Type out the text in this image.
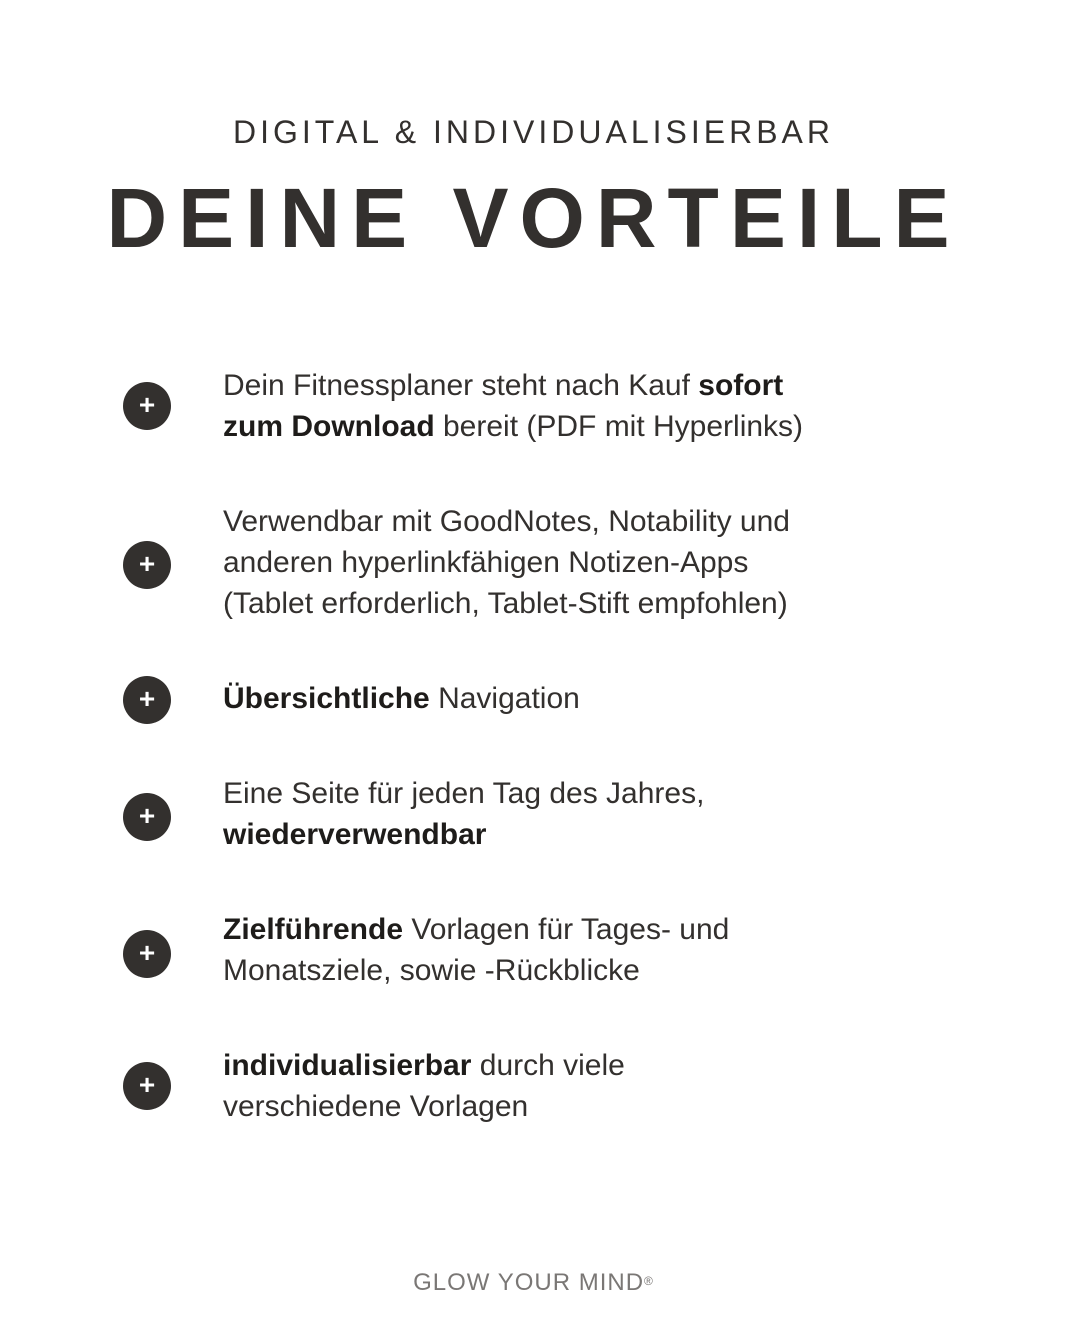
DIGITAL & INDIVIDUALISIERBAR
DEINE VORTEILE
+
Dein Fitnessplaner steht nach Kauf sofort
zum Download bereit (PDF mit Hyperlinks)
+
Verwendbar mit GoodNotes, Notability und
anderen hyperlinkfähigen Notizen-Apps
(Tablet erforderlich, Tablet-Stift empfohlen)
+	Übersichtliche Navigation
+
Eine Seite für jeden Tag des Jahres,
wiederverwendbar
+
Zielführende Vorlagen für Tages- und
Monatsziele, sowie -Rückblicke
+
individualisierbar durch viele
verschiedene Vorlagen
GLOW YOUR MIND®
